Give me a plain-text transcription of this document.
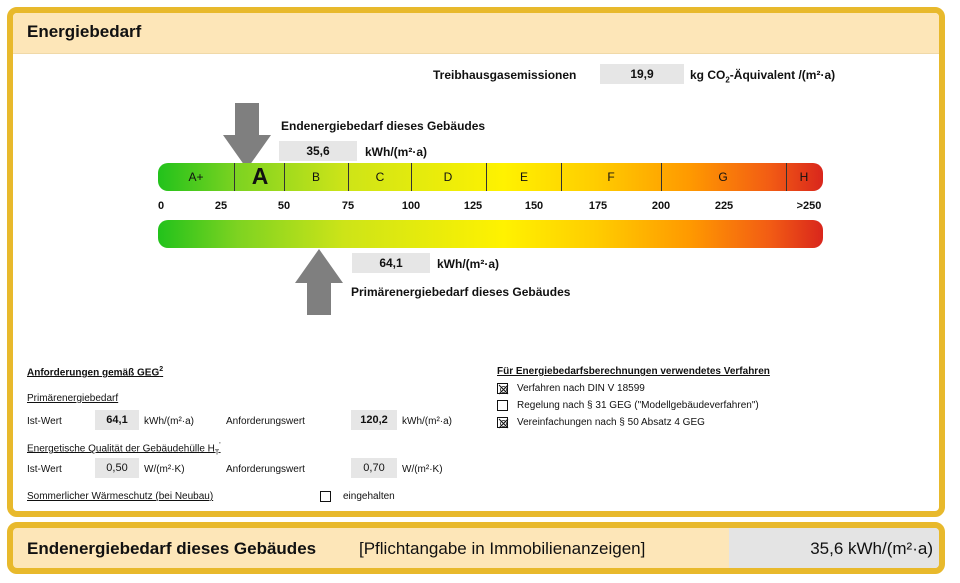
Energiebedarf
Treibhausgasemissionen	19,9	kg $CO_2$-Äquivalent /(m²·a)
Endenergiebedarf dieses Gebäudes
35,6	kWh/(m²·a)
A+ A	B	C	D	E	F	G	H
0	25	50	75	100	125	150	175	200	225	>250
64,1	kWh/(m²·a)
Primärenergiebedarf dieses Gebäudes
Anforderungen gemäß GEG$^2$
Primärenergiebedarf
Ist-Wert	64,1	kWh/(m²·a)	Anforderungswert	120,2	kWh/(m²·a)
Energetische Qualität der Gebäudehülle $H_T'$
Ist-Wert	0,50	W/(m²·K)	Anforderungswert	0,70	W/(m²·K)
Sommerlicher Wärmeschutz (bei Neubau)	eingehalten
Für Energiebedarfsberechnungen verwendetes Verfahren
Verfahren nach DIN V 18599
Regelung nach § 31 GEG ("Modellgebäudeverfahren")
Vereinfachungen nach § 50 Absatz 4 GEG
Endenergiebedarf dieses Gebäudes	[Pflichtangabe in Immobilienanzeigen]	35,6 kWh/(m²·a)
